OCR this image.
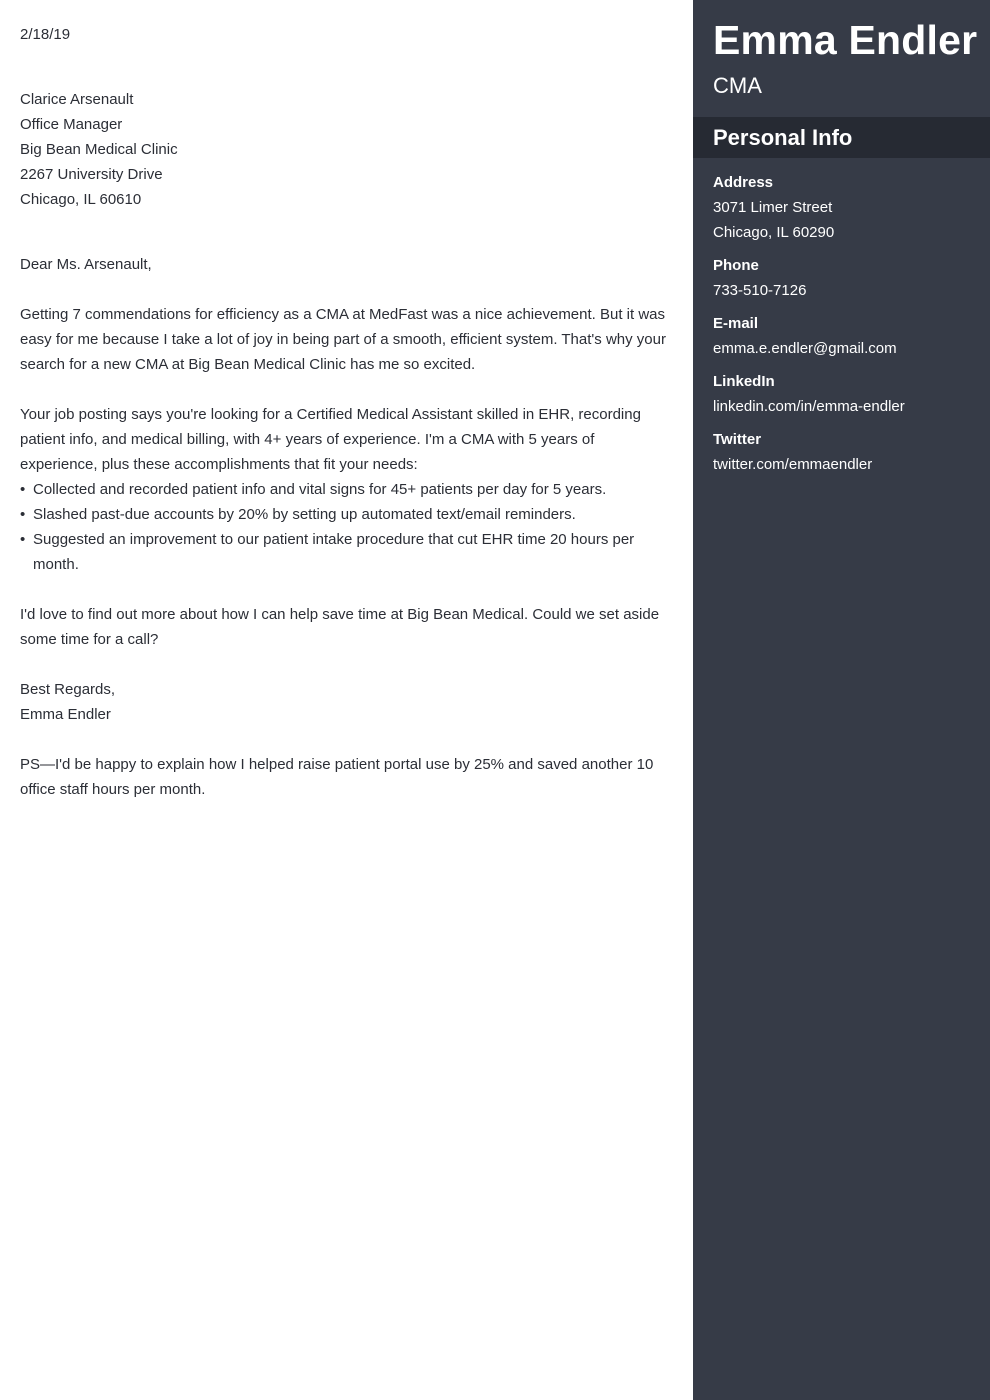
2/18/19
Clarice Arsenault
Office Manager
Big Bean Medical Clinic
2267 University Drive
Chicago, IL 60610
Dear Ms. Arsenault,
Getting 7 commendations for efficiency as a CMA at MedFast was a nice achievement. But it was easy for me because I take a lot of joy in being part of a smooth, efficient system. That's why your search for a new CMA at Big Bean Medical Clinic has me so excited.

Your job posting says you're looking for a Certified Medical Assistant skilled in EHR, recording patient info, and medical billing, with 4+ years of experience. I'm a CMA with 5 years of experience, plus these accomplishments that fit your needs:

• Collected and recorded patient info and vital signs for 45+ patients per day for 5 years.
• Slashed past-due accounts by 20% by setting up automated text/email reminders.
• Suggested an improvement to our patient intake procedure that cut EHR time 20 hours per month.
I'd love to find out more about how I can help save time at Big Bean Medical. Could we set aside some time for a call?
Best Regards,
Emma Endler
PS—I'd be happy to explain how I helped raise patient portal use by 25% and saved another 10 office staff hours per month.
Emma Endler
CMA
Personal Info
Address
3071 Limer Street
Chicago, IL 60290
Phone
733-510-7126
E-mail
emma.e.endler@gmail.com
LinkedIn
linkedin.com/in/emma-endler
Twitter
twitter.com/emmaendler
